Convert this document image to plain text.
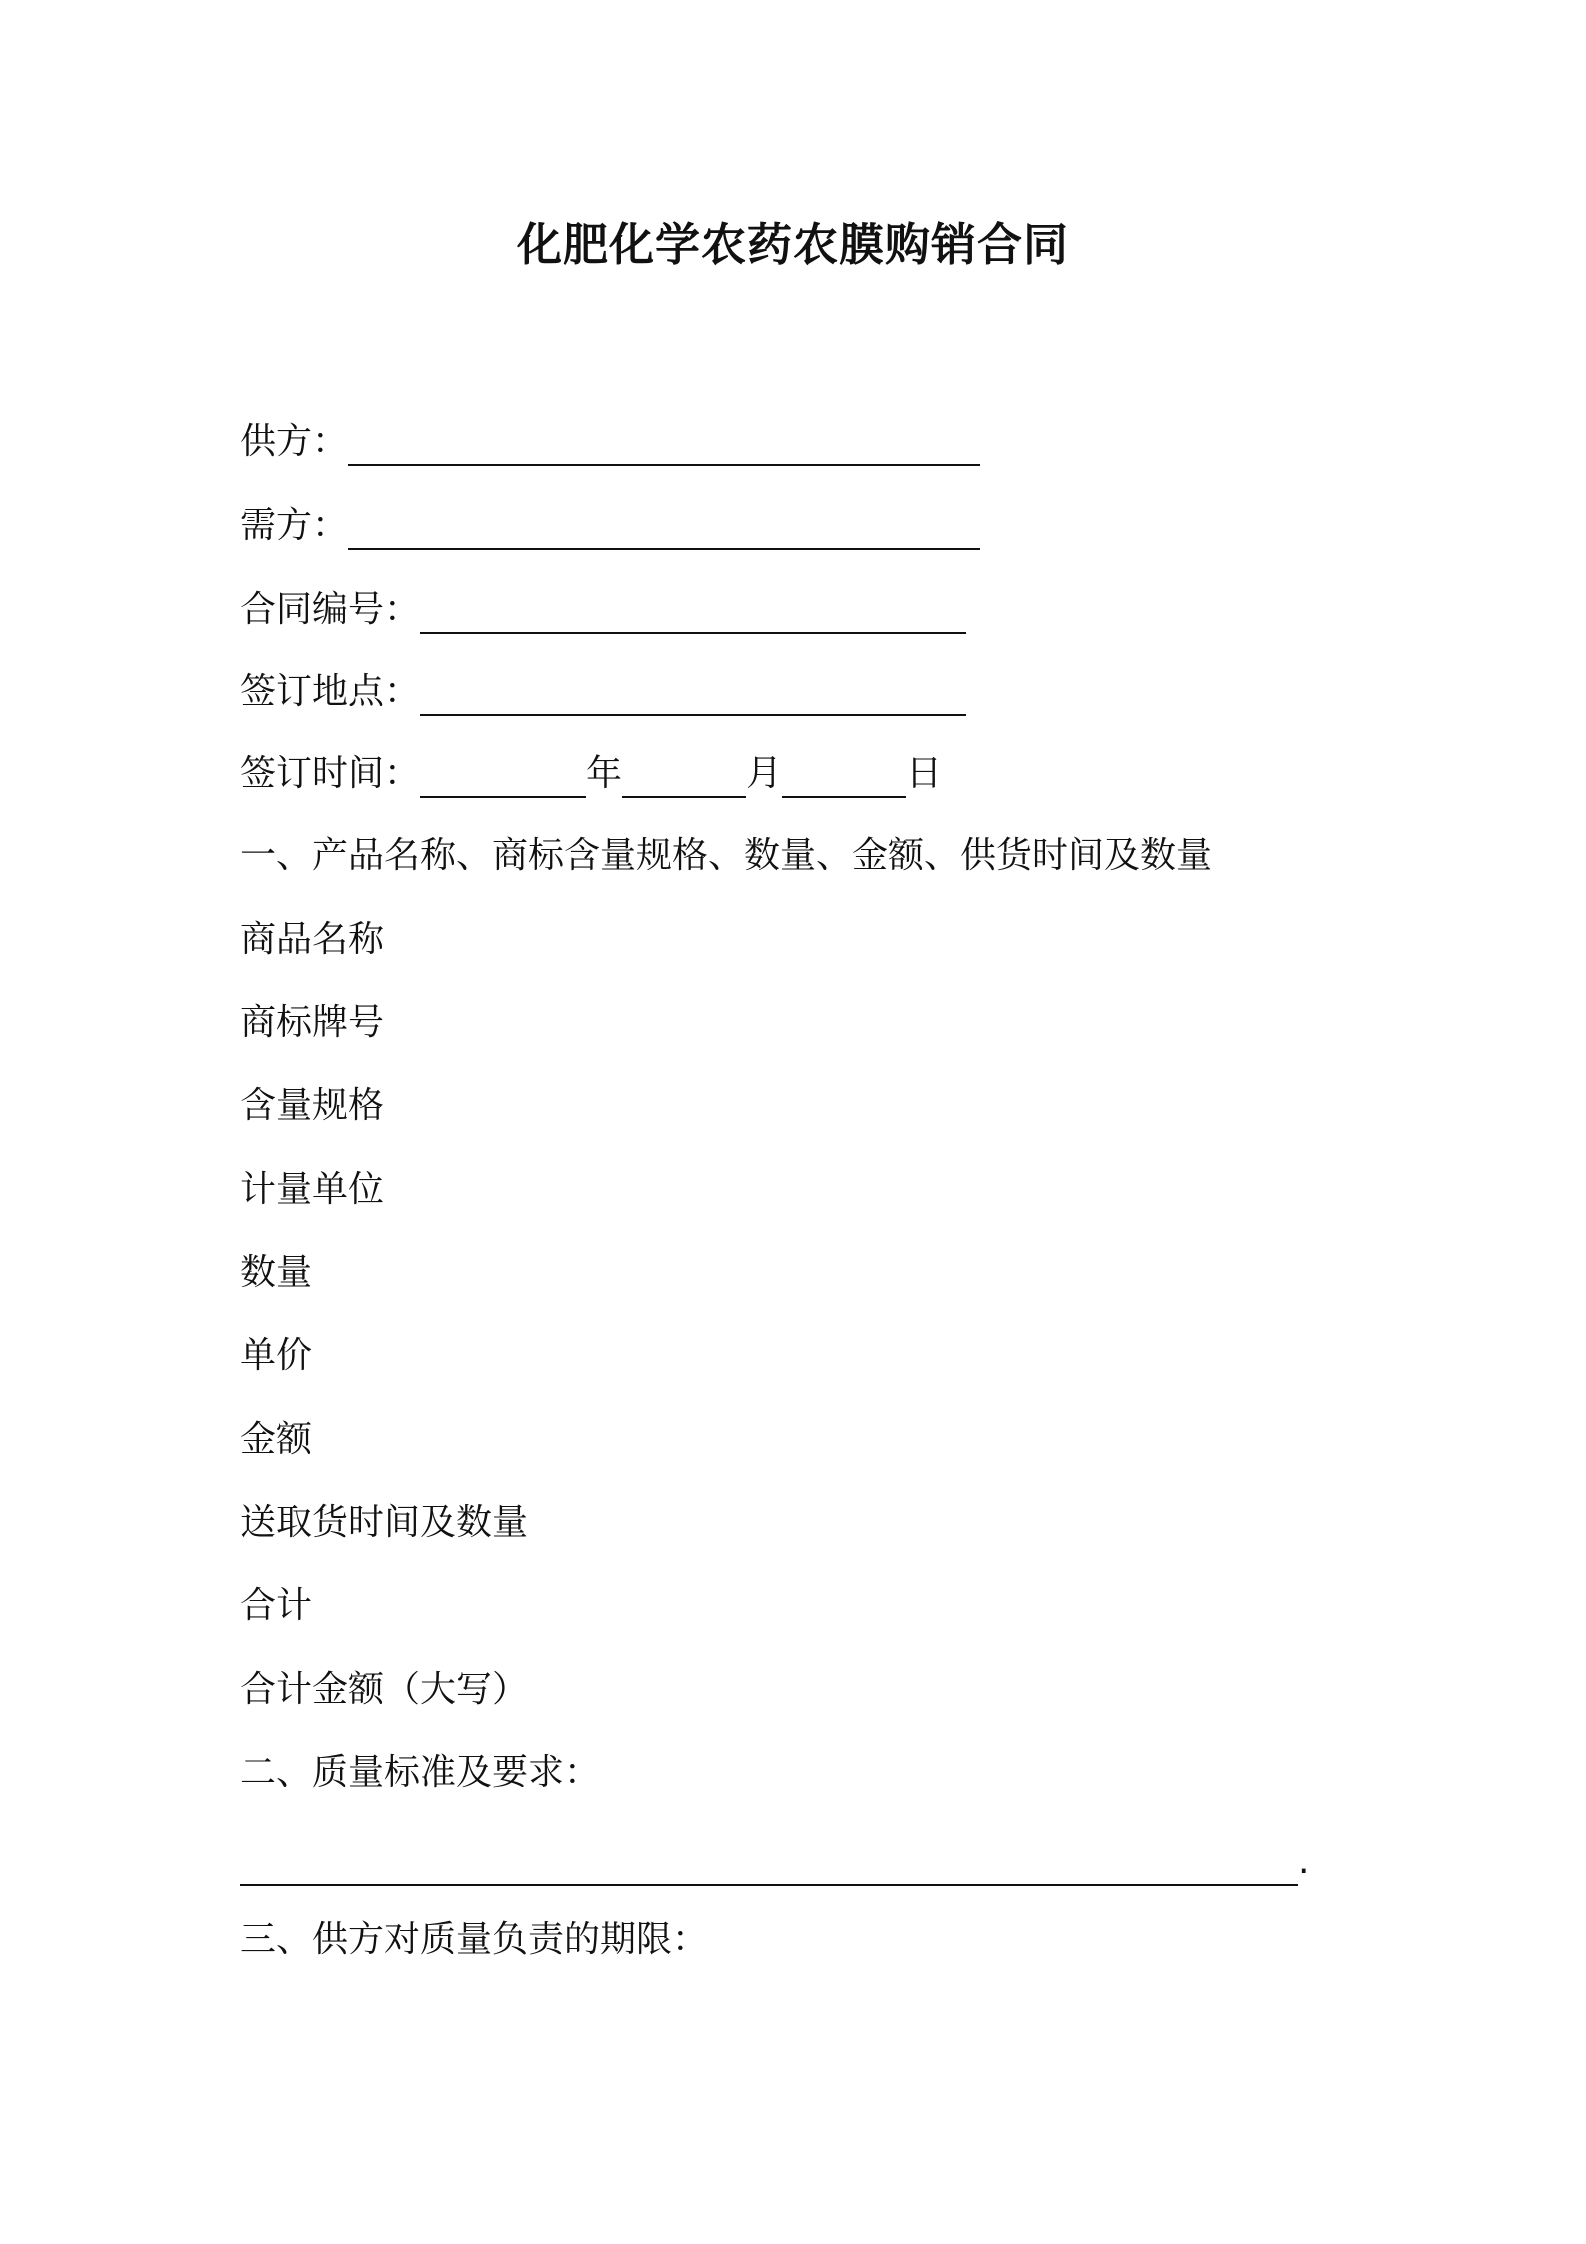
化肥化学农药农膜购销合同
供方：
需方：
合同编号：
签订地点：
签订时间：	年	月	日
一、产品名称、商标含量规格、数量、金额、供货时间及数量
商品名称
商标牌号
含量规格
计量单位
数量
单价
金额
送取货时间及数量
合计
合计金额（大写）
二、质量标准及要求：
.
三、供方对质量负责的期限：
